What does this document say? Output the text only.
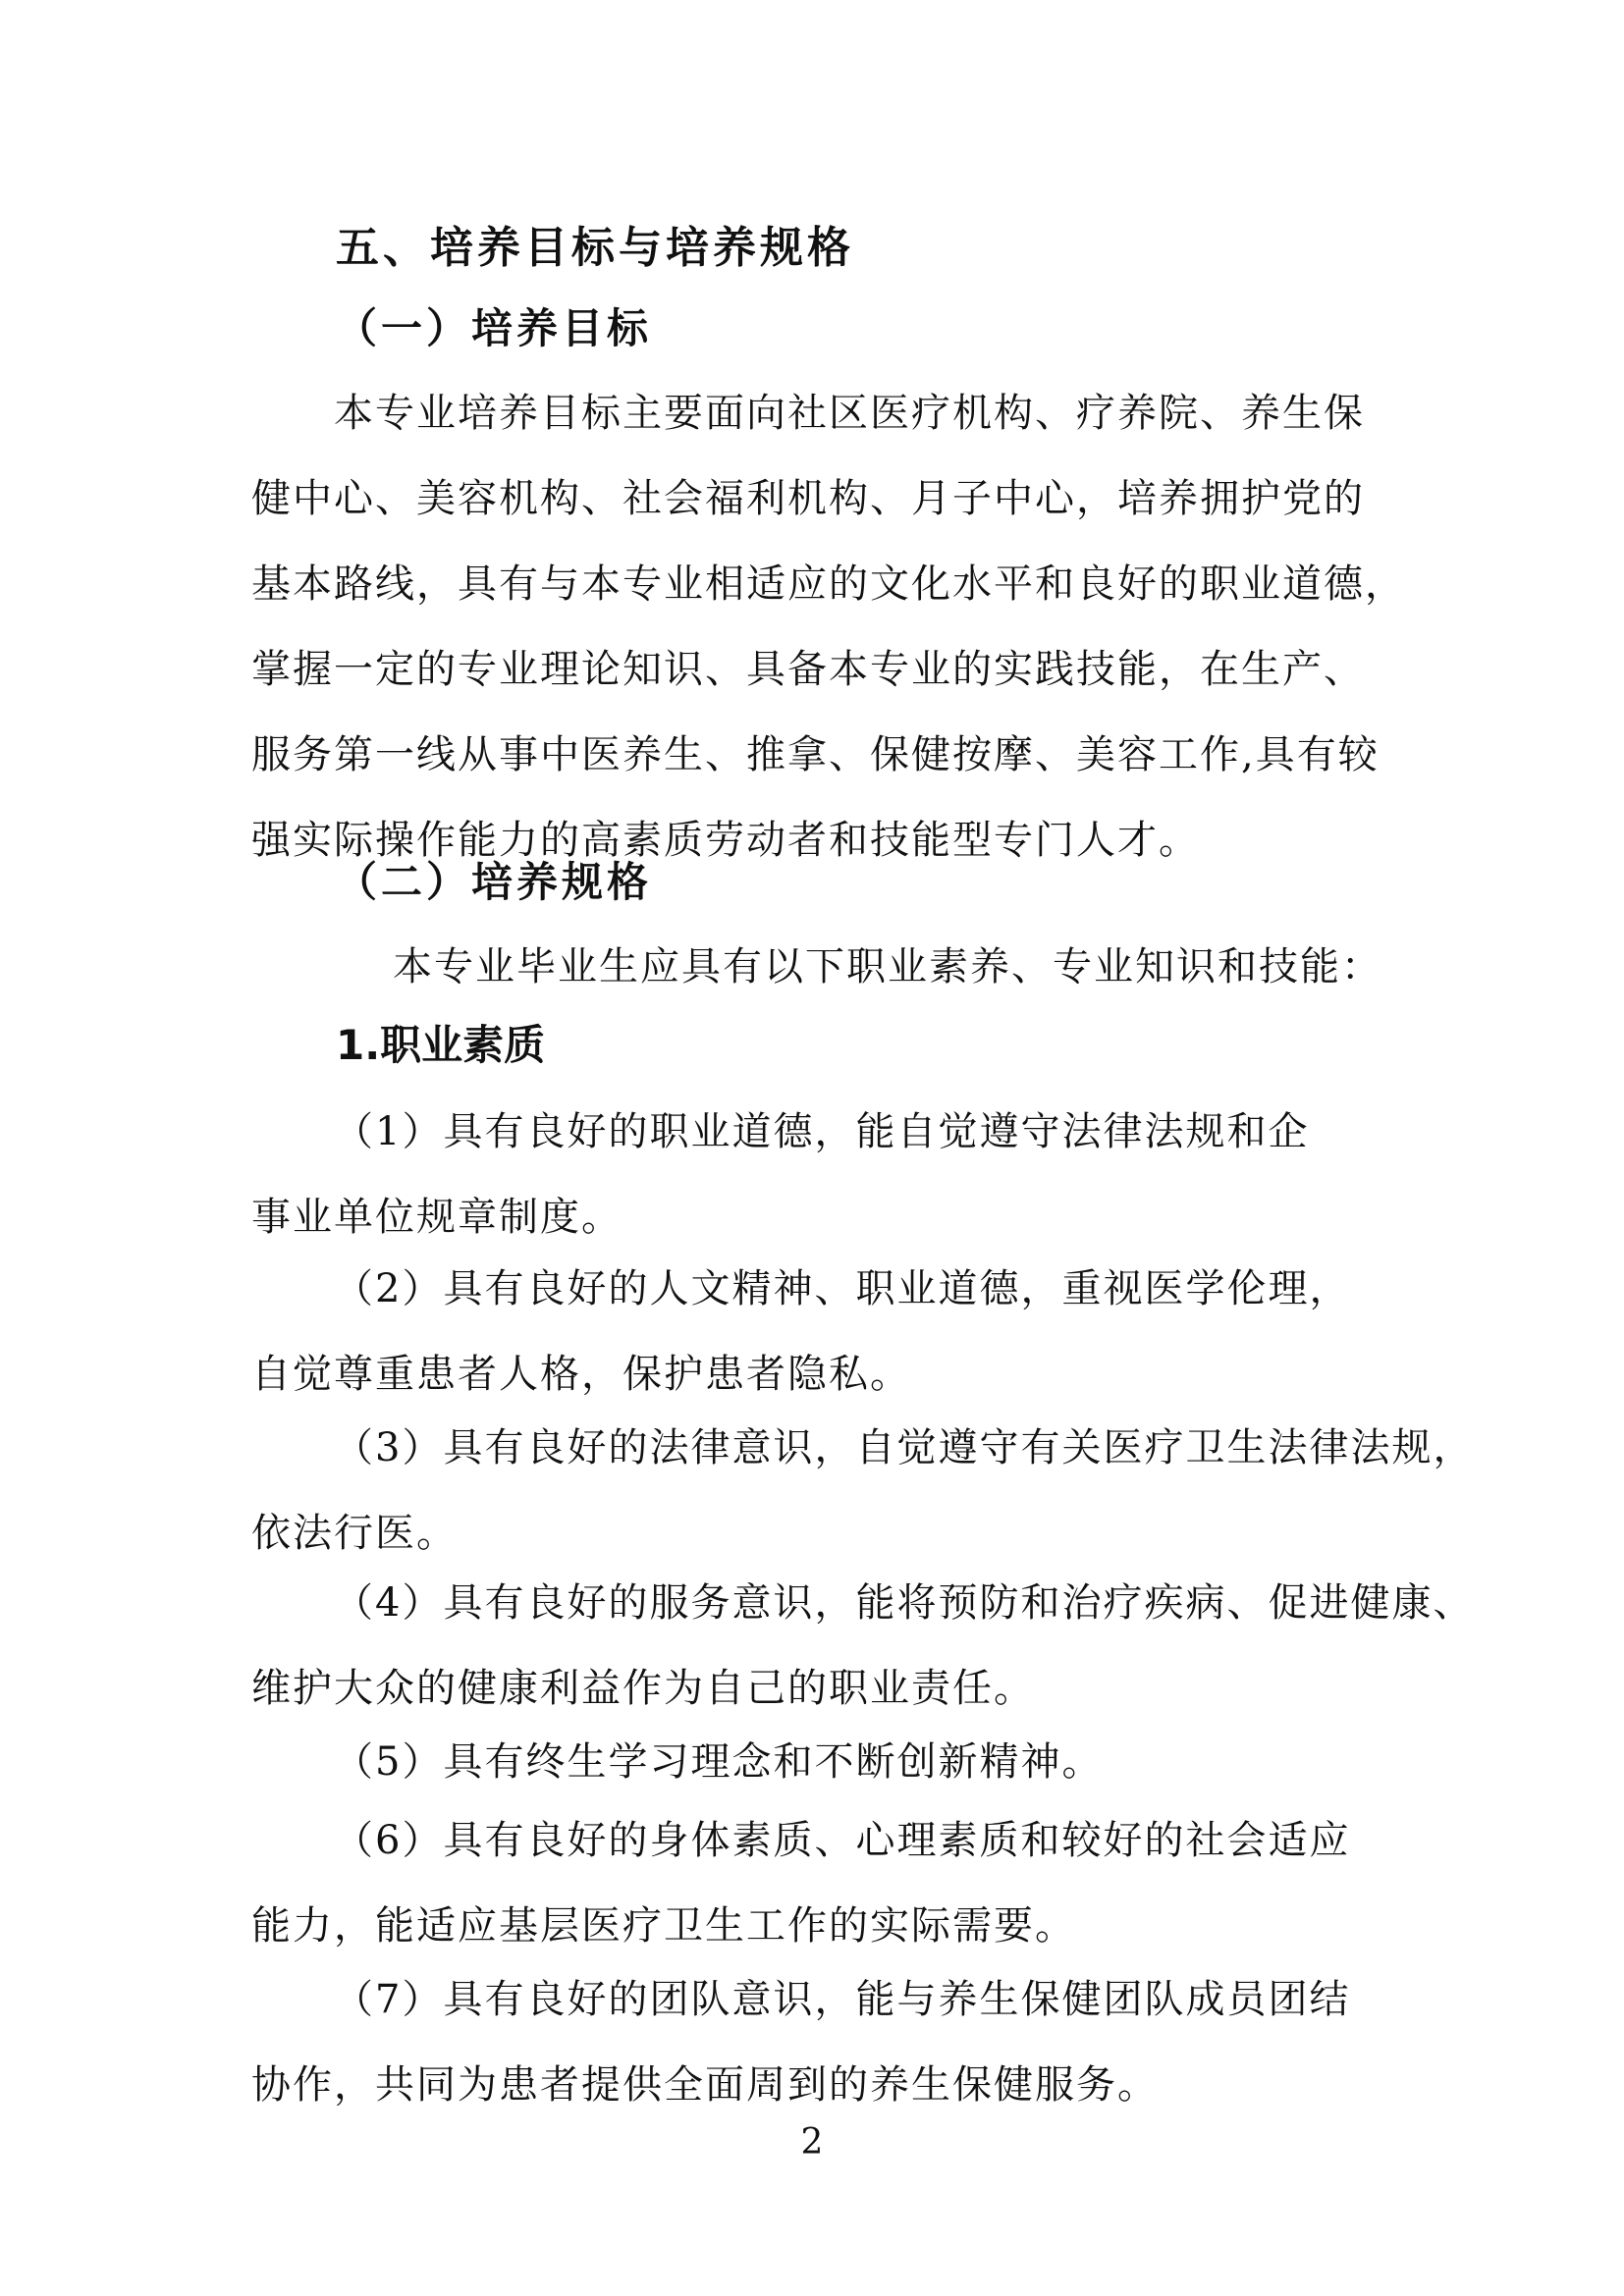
五、培养目标与培养规格
（一）培养目标

本专业培养目标主要面向社区医疗机构、疗养院、养生保
健中心、美容机构、社会福利机构、月子中心，培养拥护党的
基本路线，具有与本专业相适应的文化水平和良好的职业道德，
掌握一定的专业理论知识、具备本专业的实践技能，在生产、
服务第一线从事中医养生、推拿、保健按摩、美容工作,具有较
强实际操作能力的高素质劳动者和技能型专门人才。

（二）培养规格

本专业毕业生应具有以下职业素养、专业知识和技能：

1.职业素质

（1）具有良好的职业道德，能自觉遵守法律法规和企
事业单位规章制度。

（2）具有良好的人文精神、职业道德，重视医学伦理，
自觉尊重患者人格，保护患者隐私。

（3）具有良好的法律意识，自觉遵守有关医疗卫生法律法规，
依法行医。

（4）具有良好的服务意识，能将预防和治疗疾病、促进健康、
维护大众的健康利益作为自己的职业责任。

（5）具有终生学习理念和不断创新精神。

（6）具有良好的身体素质、心理素质和较好的社会适应
能力，能适应基层医疗卫生工作的实际需要。

（7）具有良好的团队意识，能与养生保健团队成员团结
协作，共同为患者提供全面周到的养生保健服务。

2
